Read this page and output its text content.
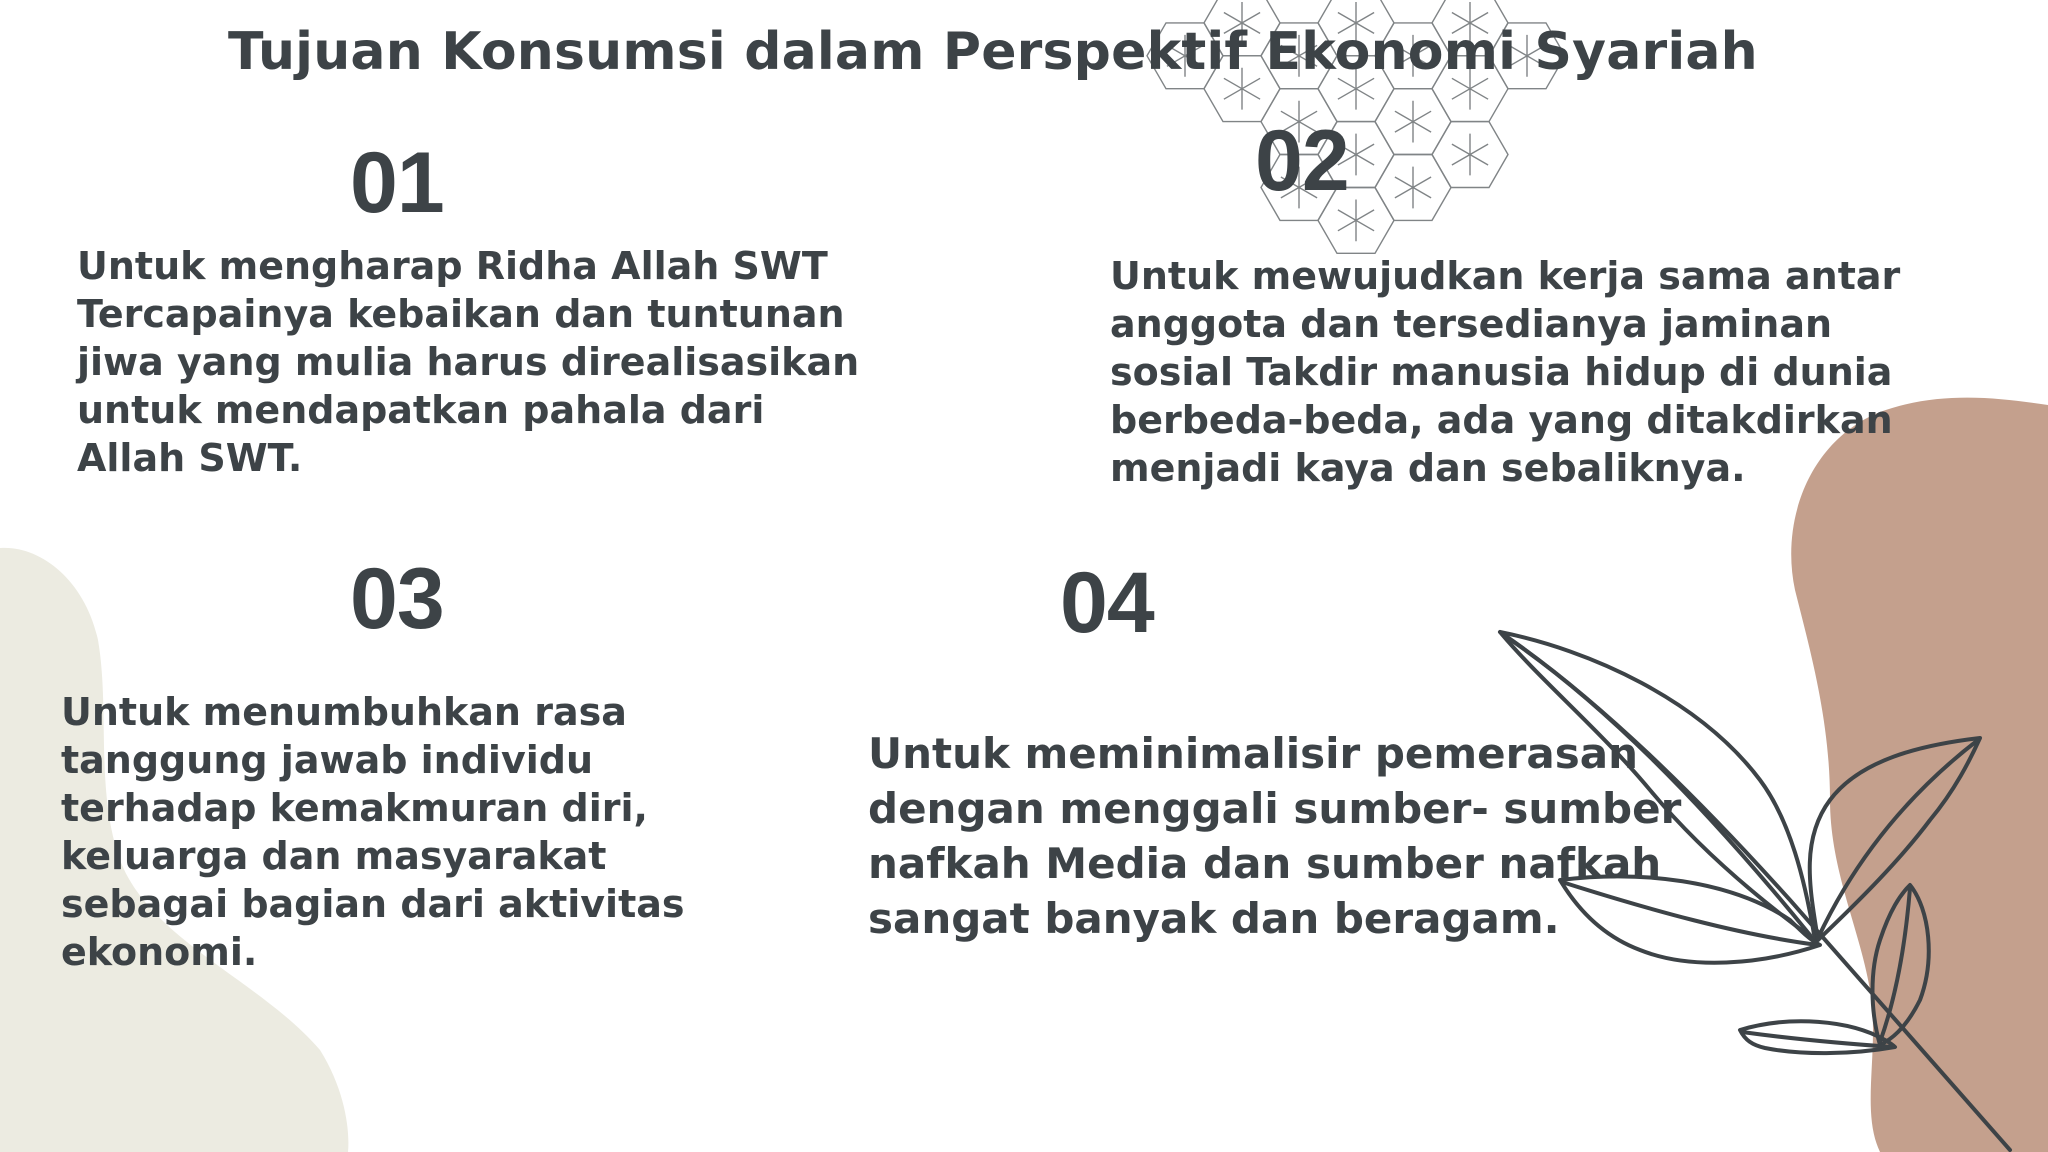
Tujuan Konsumsi dalam Perspektif Ekonomi Syariah
01
Untuk mengharap Ridha Allah SWT
Tercapainya kebaikan dan tuntunan
jiwa yang mulia harus direalisasikan
untuk mendapatkan pahala dari
Allah SWT.
02
Untuk mewujudkan kerja sama antar
anggota dan tersedianya jaminan
sosial Takdir manusia hidup di dunia
berbeda-beda, ada yang ditakdirkan
menjadi kaya dan sebaliknya.
03
Untuk menumbuhkan rasa
tanggung jawab individu
terhadap kemakmuran diri,
keluarga dan masyarakat
sebagai bagian dari aktivitas
ekonomi.
04
Untuk meminimalisir pemerasan
dengan menggali sumber- sumber
nafkah Media dan sumber nafkah
sangat banyak dan beragam.
